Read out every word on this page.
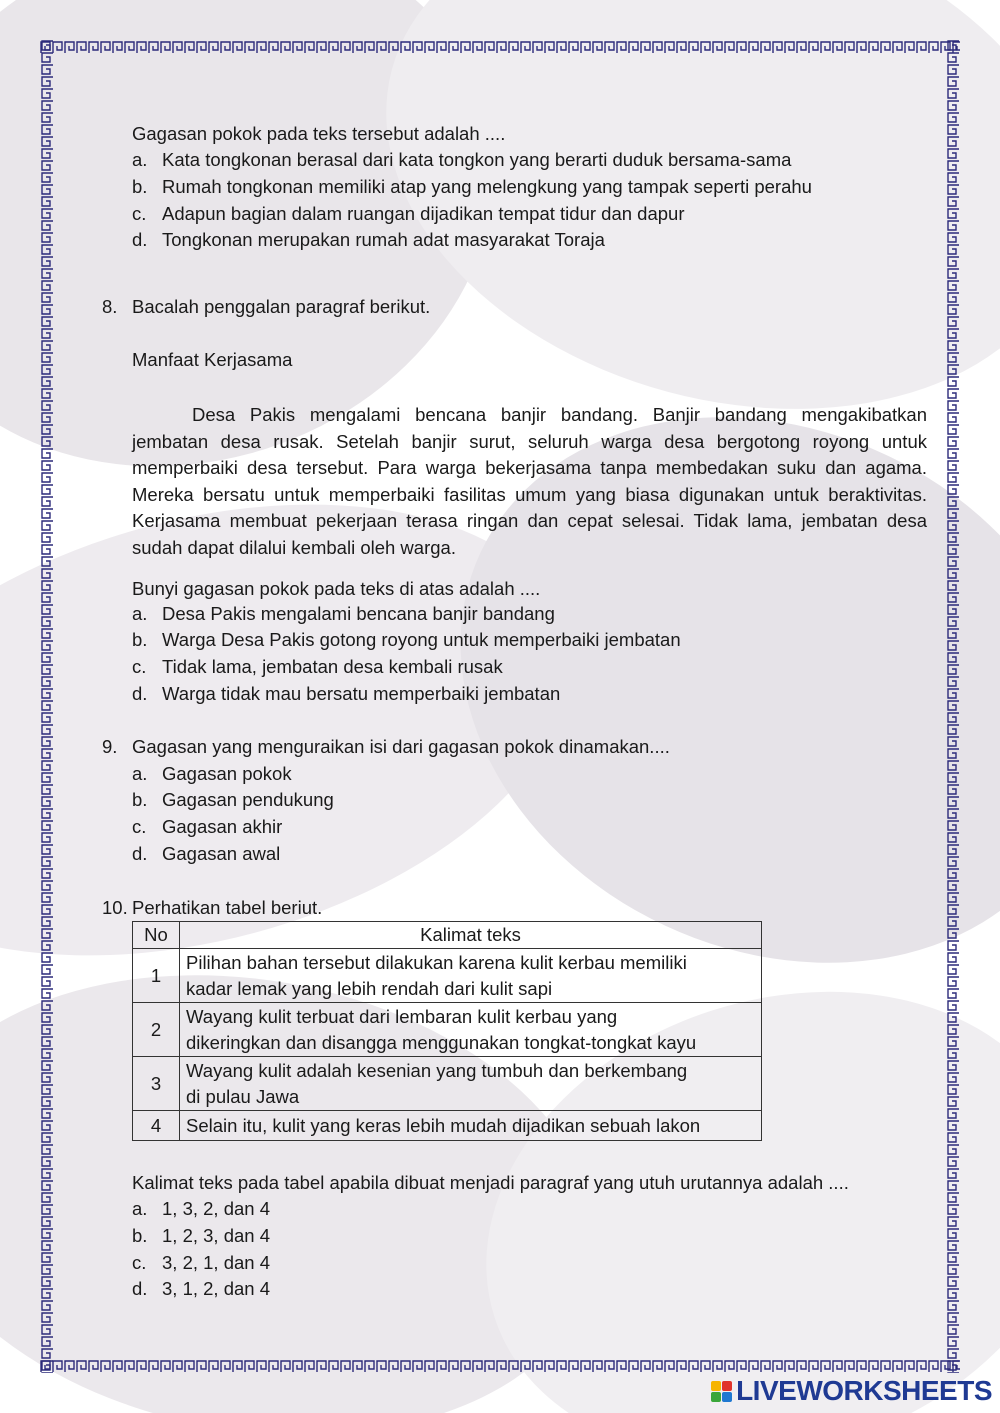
Gagasan pokok pada teks tersebut adalah ....
a. Kata tongkonan berasal dari kata tongkon yang berarti duduk bersama-sama
b. Rumah tongkonan memiliki atap yang melengkung yang tampak seperti perahu
c. Adapun bagian dalam ruangan dijadikan tempat tidur dan dapur
d. Tongkonan merupakan rumah adat masyarakat Toraja
8. Bacalah penggalan paragraf berikut.
Manfaat Kerjasama
Desa Pakis mengalami bencana banjir bandang. Banjir bandang mengakibatkan jembatan desa rusak. Setelah banjir surut, seluruh warga desa bergotong royong untuk memperbaiki desa tersebut. Para warga bekerjasama tanpa membedakan suku dan agama. Mereka bersatu untuk memperbaiki fasilitas umum yang biasa digunakan untuk beraktivitas. Kerjasama membuat pekerjaan terasa ringan dan cepat selesai. Tidak lama, jembatan desa sudah dapat dilalui kembali oleh warga.
Bunyi gagasan pokok pada teks di atas adalah ....
a. Desa Pakis mengalami bencana banjir bandang
b. Warga Desa Pakis gotong royong untuk memperbaiki jembatan
c. Tidak lama, jembatan desa kembali rusak
d. Warga tidak mau bersatu memperbaiki jembatan
9. Gagasan yang menguraikan isi dari gagasan pokok dinamakan....
a. Gagasan pokok
b. Gagasan pendukung
c. Gagasan akhir
d. Gagasan awal
10. Perhatikan tabel beriut.
No	Kalimat teks
1	Pilihan bahan tersebut dilakukan karena kulit kerbau memiliki
kadar lemak yang lebih rendah dari kulit sapi

2	Wayang kulit terbuat dari lembaran kulit kerbau yang
dikeringkan dan disangga menggunakan tongkat-tongkat kayu

3	Wayang kulit adalah kesenian yang tumbuh dan berkembang
di pulau Jawa

4	Selain itu, kulit yang keras lebih mudah dijadikan sebuah lakon
Kalimat teks pada tabel apabila dibuat menjadi paragraf yang utuh urutannya adalah ....
a. 1, 3, 2, dan 4
b. 1, 2, 3, dan 4
c. 3, 2, 1, dan 4
d. 3, 1, 2, dan 4
LIVEWORKSHEETS
